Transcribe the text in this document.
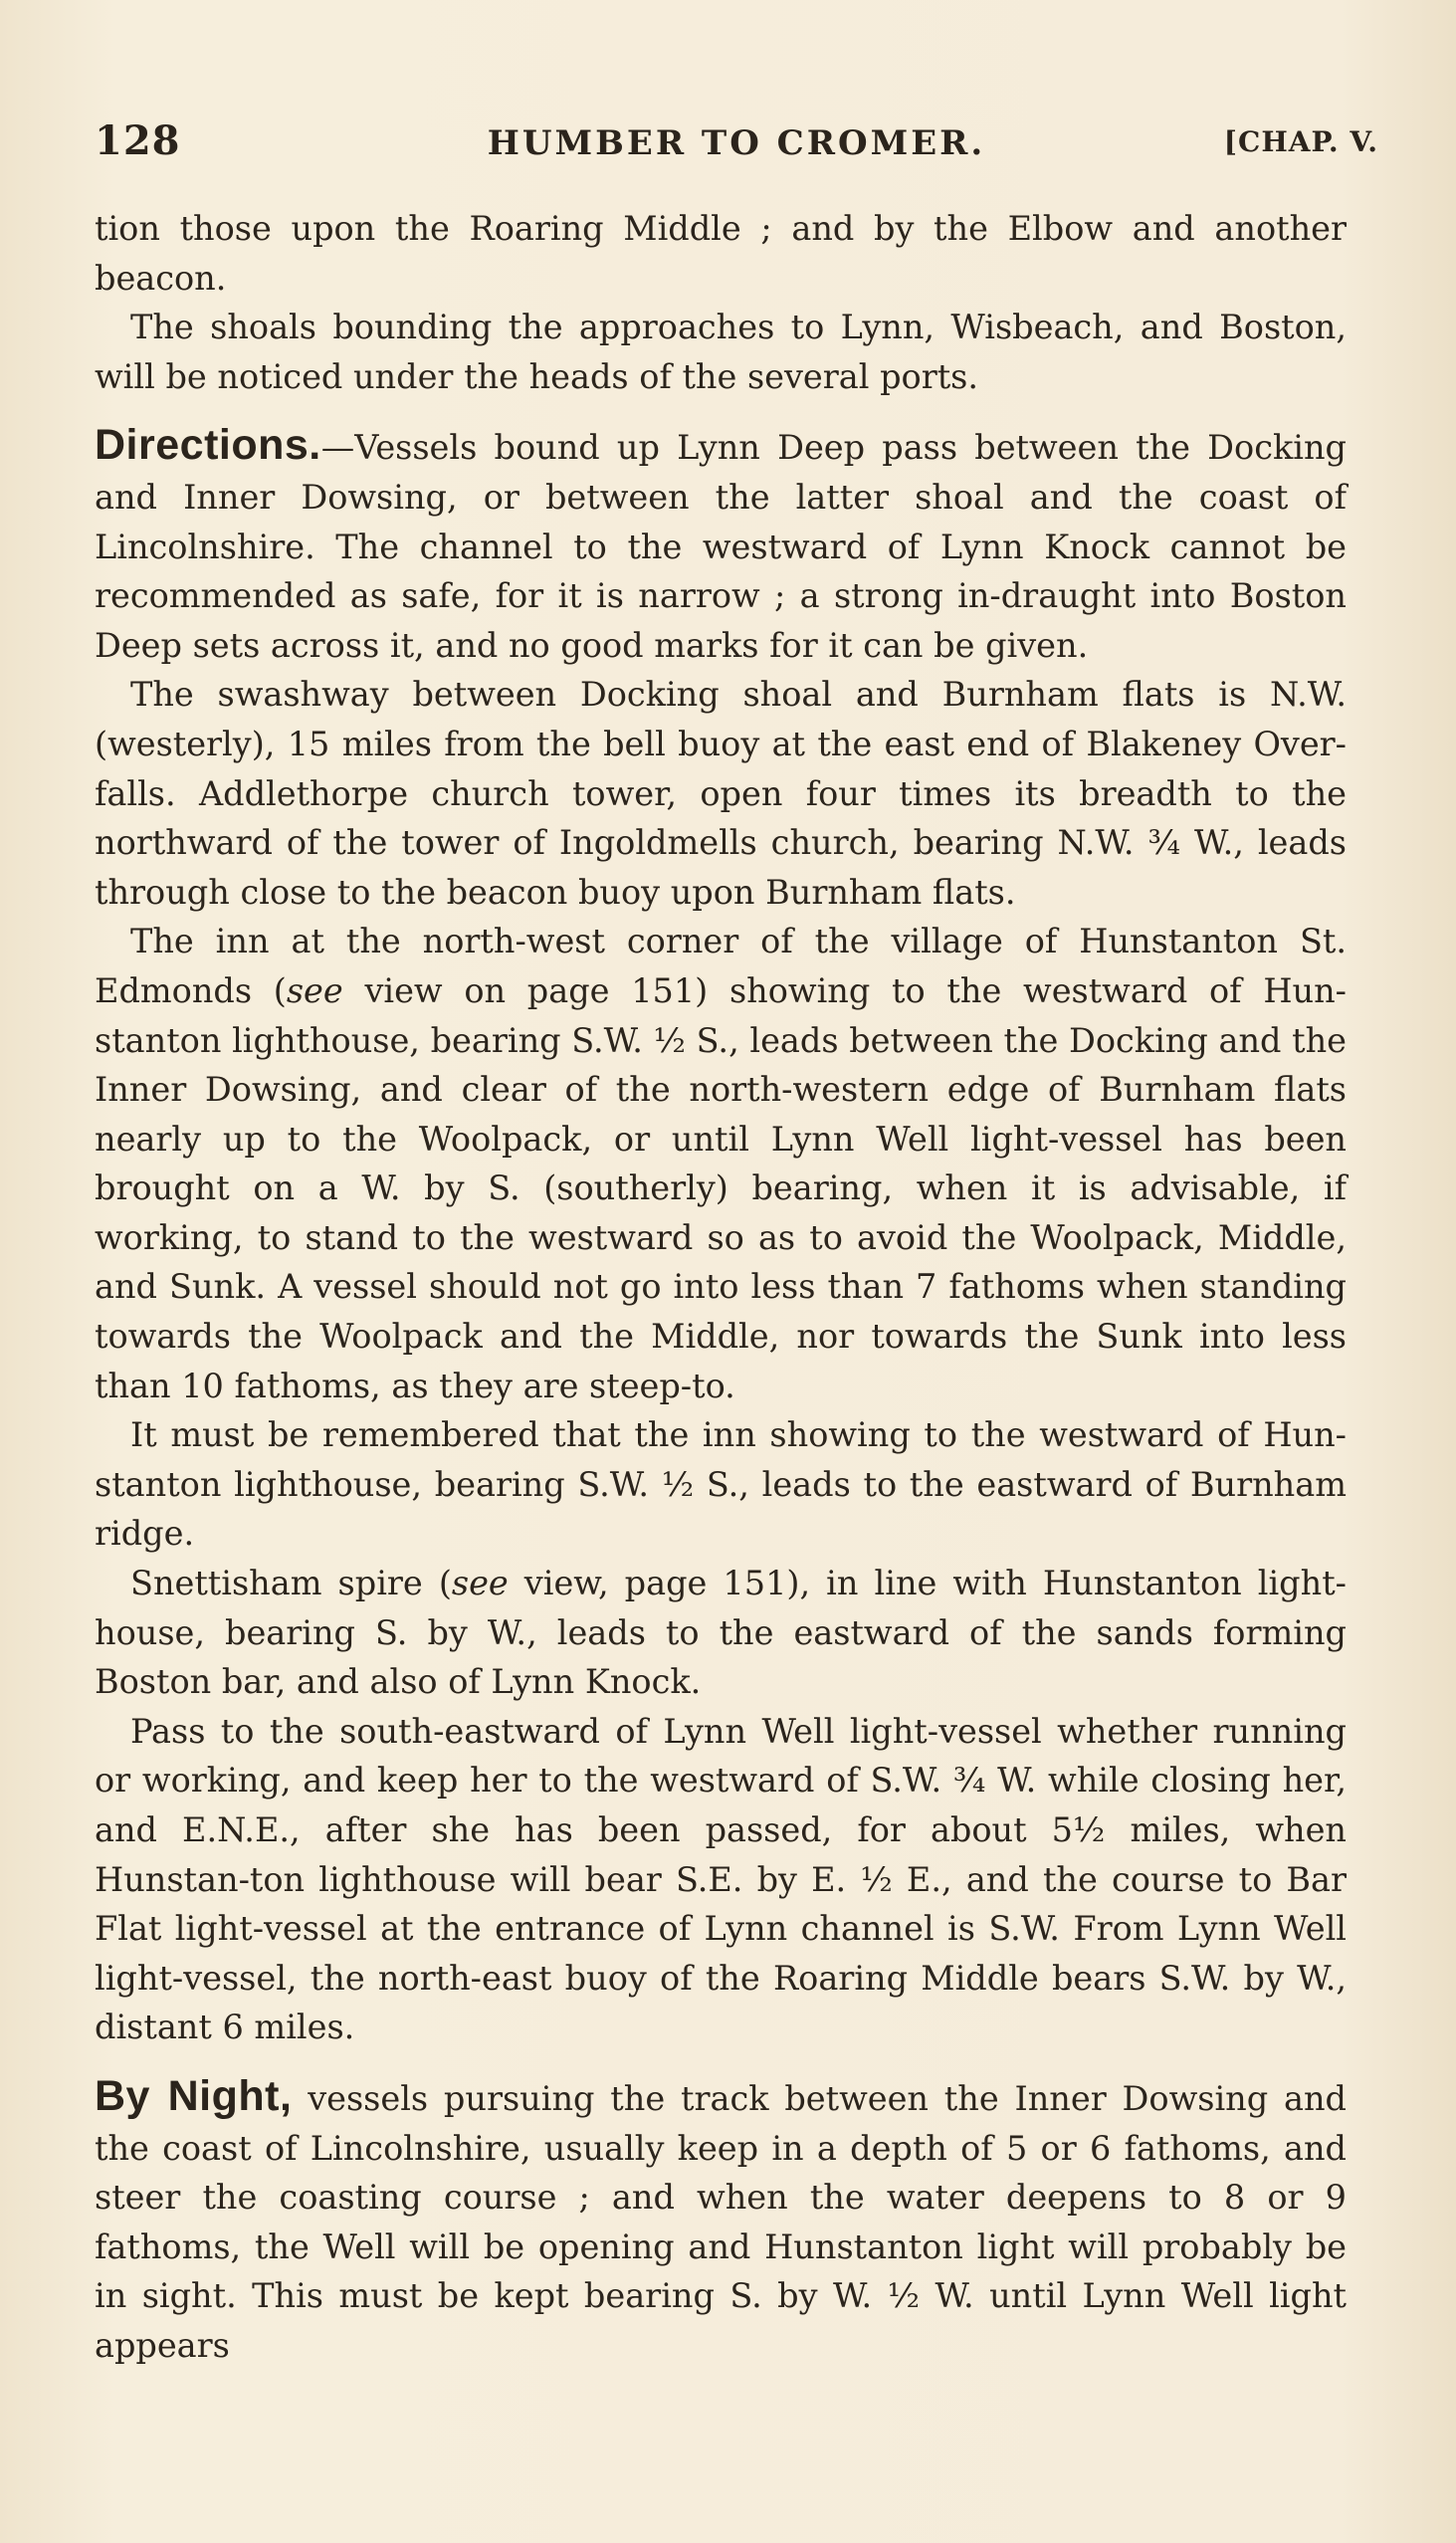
128	HUMBER TO CROMER.	[CHAP. V.

tion those upon the Roaring Middle ; and by the Elbow and another beacon.

The shoals bounding the approaches to Lynn, Wisbeach, and Boston, will be noticed under the heads of the several ports.

Directions.—Vessels bound up Lynn Deep pass between the Docking and Inner Dowsing, or between the latter shoal and the coast of Lincolnshire. The channel to the westward of Lynn Knock cannot be recommended as safe, for it is narrow ; a strong in-draught into Boston Deep sets across it, and no good marks for it can be given.

The swashway between Docking shoal and Burnham flats is N.W. (westerly), 15 miles from the bell buoy at the east end of Blakeney Over-falls. Addlethorpe church tower, open four times its breadth to the northward of the tower of Ingoldmells church, bearing N.W. ¾ W., leads through close to the beacon buoy upon Burnham flats.

The inn at the north-west corner of the village of Hunstanton St. Edmonds (see view on page 151) showing to the westward of Hun-stanton lighthouse, bearing S.W. ½ S., leads between the Docking and the Inner Dowsing, and clear of the north-western edge of Burnham flats nearly up to the Woolpack, or until Lynn Well light-vessel has been brought on a W. by S. (southerly) bearing, when it is advisable, if working, to stand to the westward so as to avoid the Woolpack, Middle, and Sunk. A vessel should not go into less than 7 fathoms when standing towards the Woolpack and the Middle, nor towards the Sunk into less than 10 fathoms, as they are steep-to.

It must be remembered that the inn showing to the westward of Hun-stanton lighthouse, bearing S.W. ½ S., leads to the eastward of Burnham ridge.

Snettisham spire (see view, page 151), in line with Hunstanton light-house, bearing S. by W., leads to the eastward of the sands forming Boston bar, and also of Lynn Knock.

Pass to the south-eastward of Lynn Well light-vessel whether running or working, and keep her to the westward of S.W. ¾ W. while closing her, and E.N.E., after she has been passed, for about 5½ miles, when Hunstan-ton lighthouse will bear S.E. by E. ½ E., and the course to Bar Flat light-vessel at the entrance of Lynn channel is S.W. From Lynn Well light-vessel, the north-east buoy of the Roaring Middle bears S.W. by W., distant 6 miles.

By Night, vessels pursuing the track between the Inner Dowsing and the coast of Lincolnshire, usually keep in a depth of 5 or 6 fathoms, and steer the coasting course ; and when the water deepens to 8 or 9 fathoms, the Well will be opening and Hunstanton light will probably be in sight. This must be kept bearing S. by W. ½ W. until Lynn Well light appears
